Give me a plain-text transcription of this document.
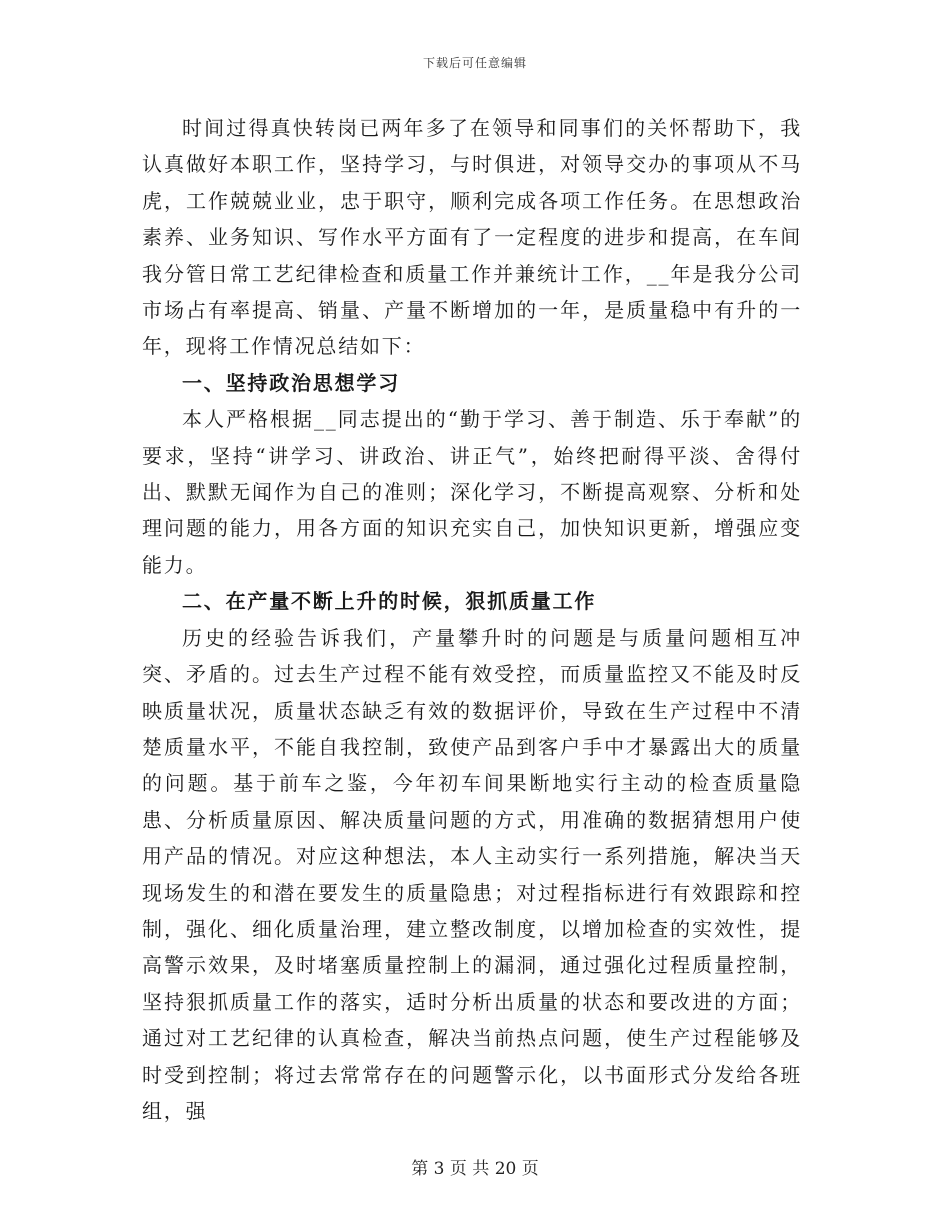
下载后可任意编辑

时间过得真快转岗已两年多了在领导和同事们的关怀帮助下，我认真做好本职工作，坚持学习，与时俱进，对领导交办的事项从不马虎，工作兢兢业业，忠于职守，顺利完成各项工作任务。在思想政治素养、业务知识、写作水平方面有了一定程度的进步和提高，在车间我分管日常工艺纪律检查和质量工作并兼统计工作，__年是我分公司市场占有率提高、销量、产量不断增加的一年，是质量稳中有升的一年，现将工作情况总结如下：

一、坚持政治思想学习

本人严格根据__同志提出的“勤于学习、善于制造、乐于奉献”的要求，坚持“讲学习、讲政治、讲正气”，始终把耐得平淡、舍得付出、默默无闻作为自己的准则；深化学习，不断提高观察、分析和处理问题的能力，用各方面的知识充实自己，加快知识更新，增强应变能力。

二、在产量不断上升的时候，狠抓质量工作

历史的经验告诉我们，产量攀升时的问题是与质量问题相互冲突、矛盾的。过去生产过程不能有效受控，而质量监控又不能及时反映质量状况，质量状态缺乏有效的数据评价，导致在生产过程中不清楚质量水平，不能自我控制，致使产品到客户手中才暴露出大的质量的问题。基于前车之鉴，今年初车间果断地实行主动的检查质量隐患、分析质量原因、解决质量问题的方式，用准确的数据猜想用户使用产品的情况。对应这种想法，本人主动实行一系列措施，解决当天现场发生的和潜在要发生的质量隐患；对过程指标进行有效跟踪和控制，强化、细化质量治理，建立整改制度，以增加检查的实效性，提高警示效果，及时堵塞质量控制上的漏洞，通过强化过程质量控制，坚持狠抓质量工作的落实，适时分析出质量的状态和要改进的方面；通过对工艺纪律的认真检查，解决当前热点问题，使生产过程能够及时受到控制；将过去常常存在的问题警示化，以书面形式分发给各班组，强

第 3 页 共 20 页
